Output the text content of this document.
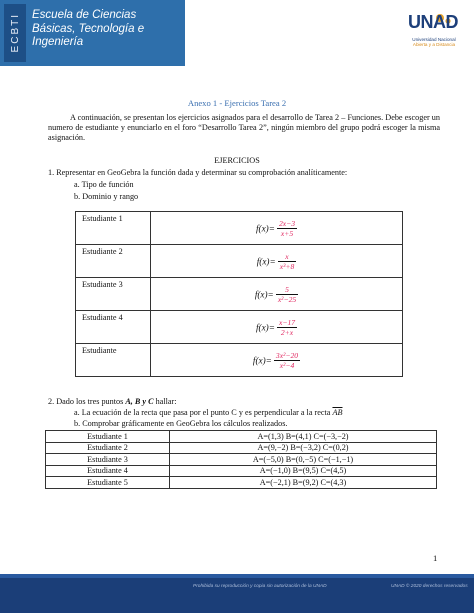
ECBTI Escuela de Ciencias
Básicas, Tecnología e
Ingeniería
UNAD
Universidad Nacional
Abierta y a Distancia
Anexo 1 - Ejercicios Tarea 2
A continuación, se presentan los ejercicios asignados para el desarrollo de Tarea 2 – Funciones. Debe escoger un numero de estudiante y enunciarlo en el foro “Desarrollo Tarea 2”, ningún miembro del grupo podrá escoger la misma asignación.
EJERCICIOS
1. Representar en GeoGebra la función dada y determinar su comprobación analíticamente:
a. Tipo de función
b. Dominio y rango
Estudiante 1	$f(x)= \frac{2x-3}{x+5}$

Estudiante 2	$f(x)= \frac{x}{\text{x³+8}}$

Estudiante 3	$f(x)= \frac{5}{\text{x²−25}}$

Estudiante 4	$f(x)= \frac{x-17}{2+x}$

Estudiante	$f(x)= \frac{\text{3x²−20}}{\text{x²−4}}$
2. Dado los tres puntos A, B y C hallar:
a. La ecuación de la recta que pasa por el punto C y es perpendicular a la recta $\overline{AB}$
b. Comprobar gráficamente en GeoGebra los cálculos realizados.
Estudiante 1	A=(1,3) B=(4,1) C=(−3,−2)
Estudiante 2	A=(9,−2) B=(−3,2) C=(0,2)
Estudiante 3	A=(−5,0) B=(0,−5) C=(−1,−1)
Estudiante 4	A=(−1,0) B=(9,5) C=(4,5)
Estudiante 5	A=(−2,1) B=(9,2) C=(4,3)
1
Prohibida su reproducción y copia sin autorización de la UNAD	UNAD © 2020 derechos reservados
